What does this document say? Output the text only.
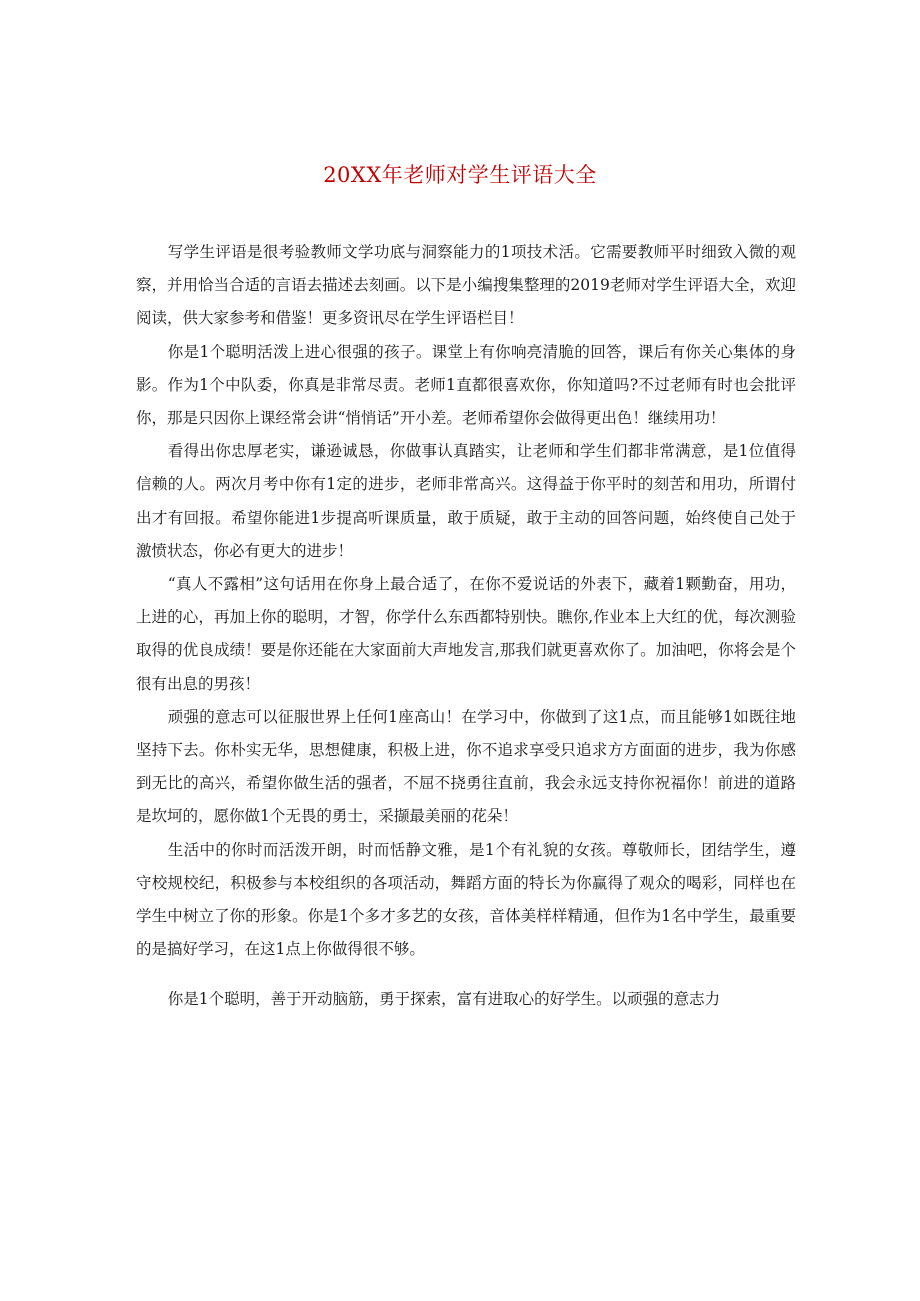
20XX年老师对学生评语大全

写学生评语是很考验教师文学功底与洞察能力的1项技术活。它需要教师平时细致入微的观察，并用恰当合适的言语去描述去刻画。以下是小编搜集整理的2019老师对学生评语大全，欢迎阅读，供大家参考和借鉴！更多资讯尽在学生评语栏目！

你是1个聪明活泼上进心很强的孩子。课堂上有你响亮清脆的回答，课后有你关心集体的身影。作为1个中队委，你真是非常尽责。老师1直都很喜欢你，你知道吗?不过老师有时也会批评你，那是只因你上课经常会讲“悄悄话”开小差。老师希望你会做得更出色！继续用功！

看得出你忠厚老实，谦逊诚恳，你做事认真踏实，让老师和学生们都非常满意，是1位值得信赖的人。两次月考中你有1定的进步，老师非常高兴。这得益于你平时的刻苦和用功，所谓付出才有回报。希望你能进1步提高听课质量，敢于质疑，敢于主动的回答问题，始终使自己处于激愤状态，你必有更大的进步！

“真人不露相”这句话用在你身上最合适了，在你不爱说话的外表下，藏着1颗勤奋，用功，上进的心，再加上你的聪明，才智，你学什么东西都特别快。瞧你,作业本上大红的优，每次测验取得的优良成绩！要是你还能在大家面前大声地发言,那我们就更喜欢你了。加油吧，你将会是个很有出息的男孩！

顽强的意志可以征服世界上任何1座高山！在学习中，你做到了这1点，而且能够1如既往地坚持下去。你朴实无华，思想健康，积极上进，你不追求享受只追求方方面面的进步，我为你感到无比的高兴，希望你做生活的强者，不屈不挠勇往直前，我会永远支持你祝福你！前进的道路是坎坷的，愿你做1个无畏的勇士，采撷最美丽的花朵！

生活中的你时而活泼开朗，时而恬静文雅，是1个有礼貌的女孩。尊敬师长，团结学生，遵守校规校纪，积极参与本校组织的各项活动，舞蹈方面的特长为你赢得了观众的喝彩，同样也在学生中树立了你的形象。你是1个多才多艺的女孩，音体美样样精通，但作为1名中学生，最重要的是搞好学习，在这1点上你做得很不够。

你是1个聪明，善于开动脑筋，勇于探索，富有进取心的好学生。以顽强的意志力
